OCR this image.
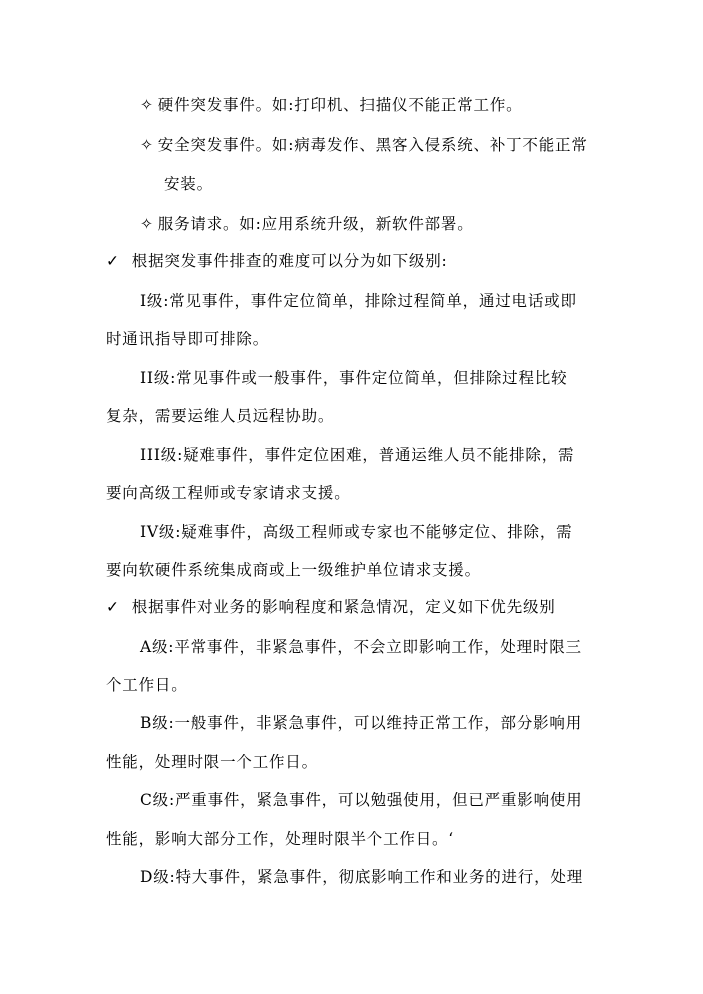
✧ 硬件突发事件。如:打印机、扫描仪不能正常工作。
✧ 安全突发事件。如:病毒发作、黑客入侵系统、补丁不能正常
安装。
✧ 服务请求。如:应用系统升级，新软件部署。
✓ 根据突发事件排查的难度可以分为如下级别:
I级:常见事件，事件定位简单，排除过程简单，通过电话或即
时通讯指导即可排除。
II级:常见事件或一般事件，事件定位简单，但排除过程比较
复杂，需要运维人员远程协助。
III级:疑难事件，事件定位困难，普通运维人员不能排除，需
要向高级工程师或专家请求支援。
IV级:疑难事件，高级工程师或专家也不能够定位、排除，需
要向软硬件系统集成商或上一级维护单位请求支援。
✓ 根据事件对业务的影响程度和紧急情况，定义如下优先级别
A级:平常事件，非紧急事件，不会立即影响工作，处理时限三
个工作日。
B级:一般事件，非紧急事件，可以维持正常工作，部分影响用
性能，处理时限一个工作日。
C级:严重事件，紧急事件，可以勉强使用，但已严重影响使用
性能，影响大部分工作，处理时限半个工作日。‘
D级:特大事件，紧急事件，彻底影响工作和业务的进行，处理
